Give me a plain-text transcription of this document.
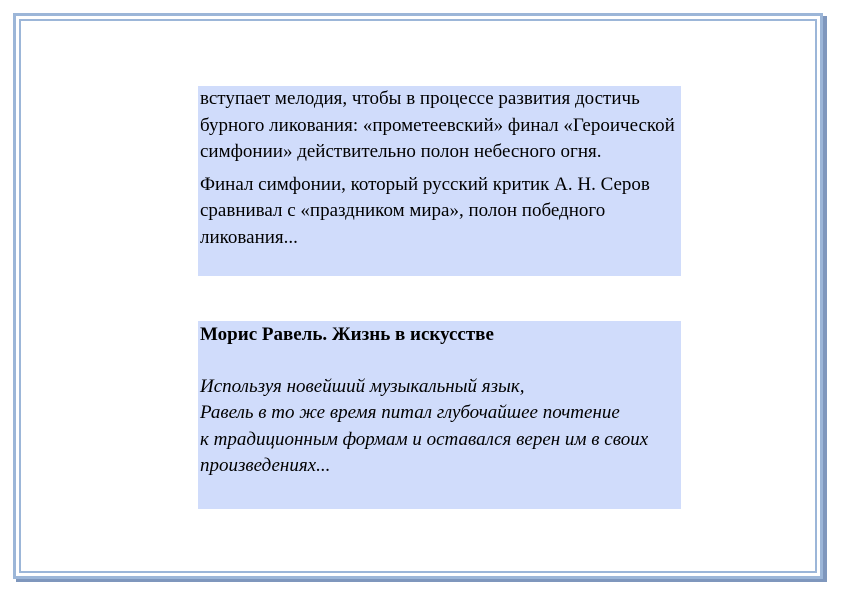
вступает мелодия, чтобы в процессе развития достичь бурного ликования: «прометеевский» финал «Героической симфонии» действительно полон небесного огня.

Финал симфонии, который русский критик А. Н. Серов сравнивал с «праздником мира», полон победного ликования...

Морис Равель. Жизнь в искусстве

Используя новейший музыкальный язык,
Равель в то же время питал глубочайшее почтение
к традиционным формам и оставался верен им в своих произведениях...
